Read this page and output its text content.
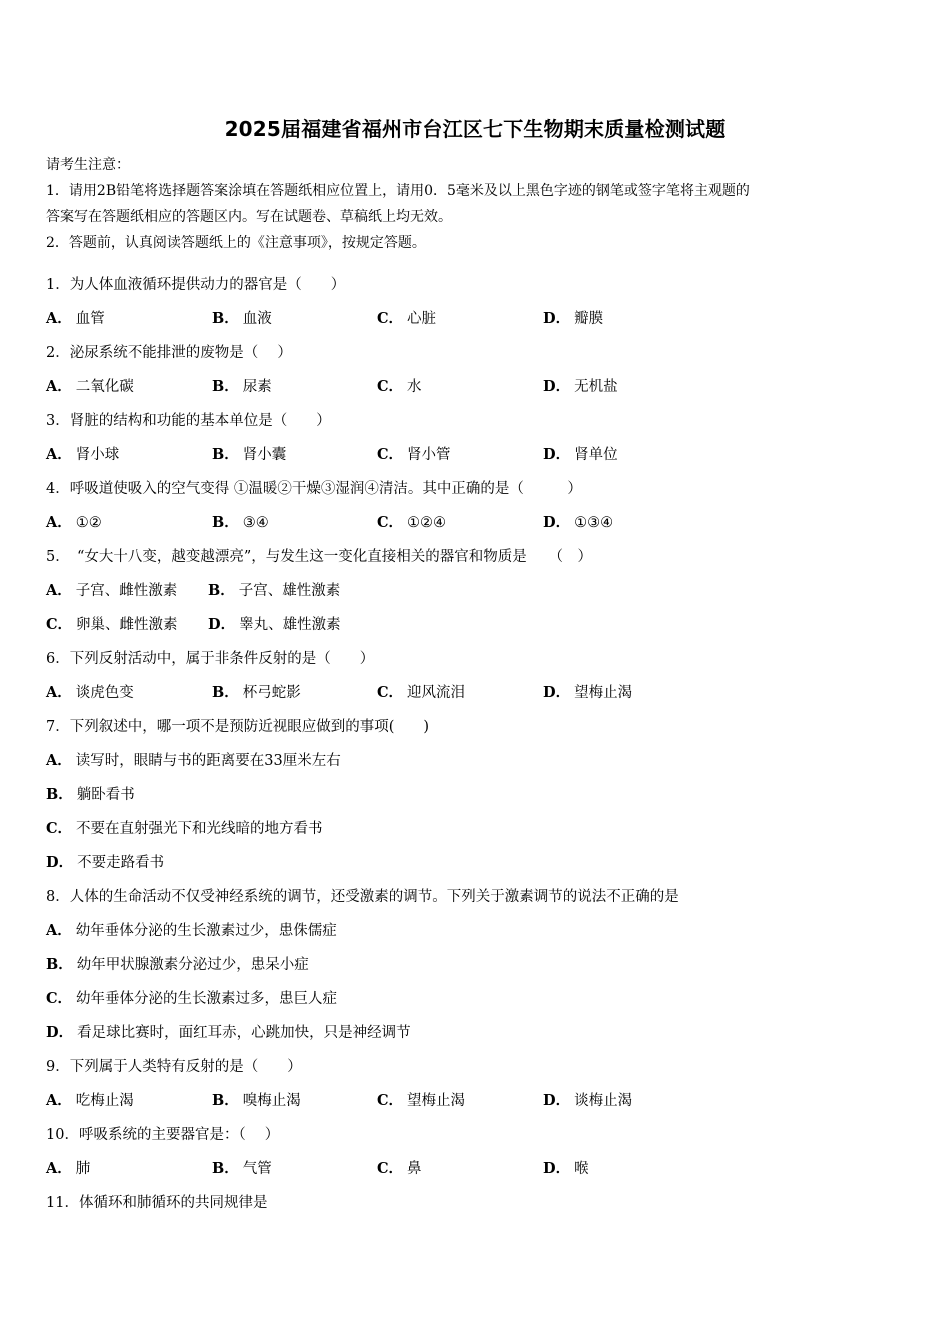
2025届福建省福州市台江区七下生物期末质量检测试题
请考生注意：
1．请用2B铅笔将选择题答案涂填在答题纸相应位置上，请用0．5毫米及以上黑色字迹的钢笔或签字笔将主观题的
答案写在答题纸相应的答题区内。写在试题卷、草稿纸上均无效。
2．答题前，认真阅读答题纸上的《注意事项》，按规定答题。
1．为人体血液循环提供动力的器官是（　　）
A． 血管	B． 血液	C． 心脏	D． 瓣膜
2．泌尿系统不能排泄的废物是（　 ）
A． 二氧化碳	B． 尿素	C． 水	D． 无机盐
3．肾脏的结构和功能的基本单位是（　　）
A． 肾小球	B． 肾小囊	C． 肾小管	D． 肾单位
4．呼吸道使吸入的空气变得 ①温暖②干燥③湿润④清洁。其中正确的是（　　　）
A． ①②	B． ③④	C． ①②④	D． ①③④
5．　“女大十八变，越变越漂亮”，与发生这一变化直接相关的器官和物质是　　（　）
A． 子宫、雌性激素 B． 子宫、雄性激素
C． 卵巢、雌性激素 D． 睾丸、雄性激素
6．下列反射活动中，属于非条件反射的是（　　）
A． 谈虎色变	B． 杯弓蛇影	C． 迎风流泪	D． 望梅止渴
7．下列叙述中，哪一项不是预防近视眼应做到的事项(　　)
A． 读写时，眼睛与书的距离要在33厘米左右
B． 躺卧看书
C． 不要在直射强光下和光线暗的地方看书
D． 不要走路看书
8．人体的生命活动不仅受神经系统的调节，还受激素的调节。下列关于激素调节的说法不正确的是
A． 幼年垂体分泌的生长激素过少，患侏儒症
B． 幼年甲状腺激素分泌过少，患呆小症
C． 幼年垂体分泌的生长激素过多，患巨人症
D． 看足球比赛时，面红耳赤，心跳加快，只是神经调节
9．下列属于人类特有反射的是（　　）
A． 吃梅止渴	B． 嗅梅止渴	C． 望梅止渴	D． 谈梅止渴
10．呼吸系统的主要器官是：（　 ）
A． 肺	B． 气管	C． 鼻	D． 喉
11．体循环和肺循环的共同规律是
